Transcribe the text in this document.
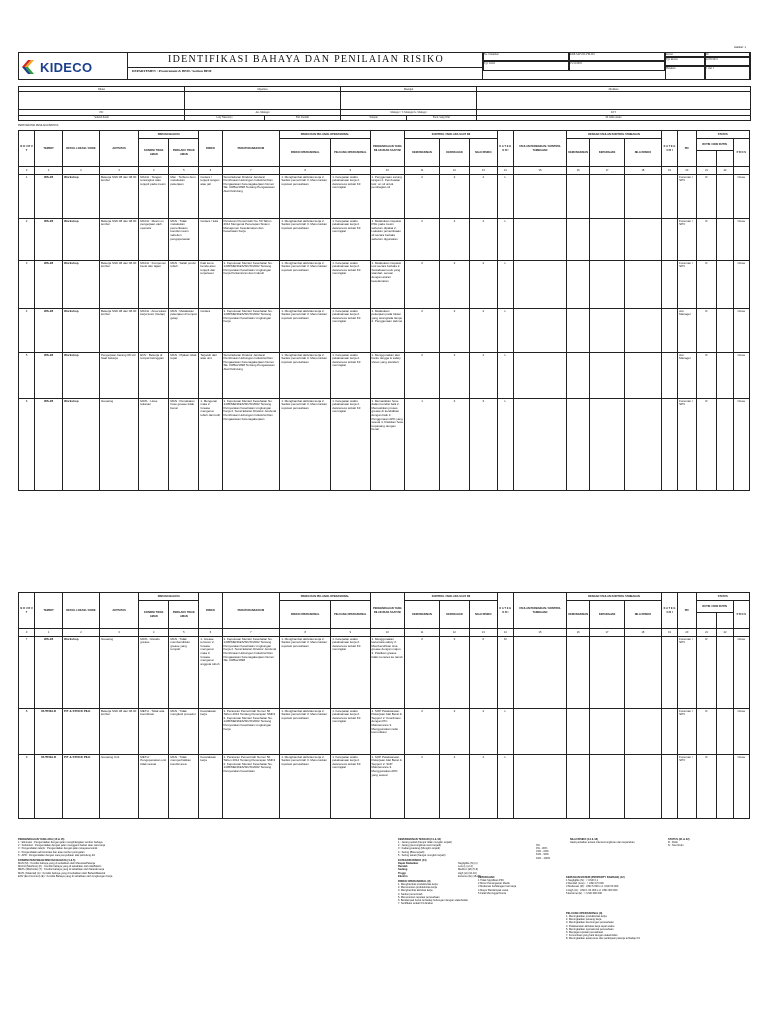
Hal/dari: 1
KIDECO
IDENTIFIKASI BAHAYA DAN PENILAIAN RISIKO
DEPARTEMEN : Procurement & BEM / Section BEM
No. Dokumen	KDP-SAF-001-FM-001
Tgl. Terbit	15/12/2016
Revisi	00
Tgl. Revisi	22/05/2021
Halaman	1 dari 1
Dibuat	Diperiksa		Disetujui		Disahkan

PIC	Ast. Manager		Manager / T. Manager/G. Manager		KTT
Seluruh Karm	Loly Nuswalyo	Feri Irwandi	Tarupan	Fuck. Sang Wari	M. Iskhr Araka
PERSYARATAN PENILAIAN BAHAYA
N O U R U T	TEMPAT	DETAIL LOKASI / KODE	AKTIVITAS	RINCIAN BAHAYA		RISIKO	PERATURAN/HUKUM	RISIKO DAN PELUANG OPERASIONAL		PENGENDALIAN YANG DILAKUKAN SAAT INI	KONTROL YANG ADA SAAT INI			K A T E G O R I	USULAN PERBAIKAN / KONTROL TAMBAHAN	DENGAN USULAN KONTROL TAMBAHAN			K A T E G O R I	PIC	STATUS		
				KONDISI TIDAK AMAN	PERILAKU TIDAK AMAN			RISIKO OPERASIONAL	PELUANG OPERASIONAL		KEMUNGKINAN	KEPARAHAN	NILAI RISIKO			KEMUNGKINAN	KEPARAHAN	NILAI RISIKO			RUTIN / NON RUTIN		P R O S

0	1	2	3	4	5	6	7	8	9	10	11	12	13	14	15	16	17	18	19	20	21	22	
1	WS-28	Workshop	Bekerja Shift 08 dan 08.00 lembur	MACH : Tangan tersangkut atau terjepit pada mesin	Man : Terburu-buru melakukan pekerjaan	Cedera / terjepit tangan atau jari	Surat Edaran Direktur Jenderal Pembinaan Hubungan Industrial Dan Pengawasan Ketenagakerjaan Nomor SE. 03/Bw/1998 Tentang Pengawasan Alat Pelindung	1. Menghambat aktivitas kerja 2. Sanksi pemerintah 3. Menurunkan reputasi perusahaan	1. Ketepatan waktu pelaksanaan kerja 2. Awareness terkait K3 meningkat	1. Penggunaan sarung tangan 2. Pembuatan kotr. on sil untuk pembagian sil	2	2	4	L						Foreman / SPV	R		Close
2	WS-28	Workshop	Bekerja Shift 08 dan 08.00 lembur	MACH : Mesin on pengerjaan oleh operator	MAN : Tidak melakukan pemeriksaan kondisi mesin sebelum pengoperasian	Cedera / luka	Peraturan Pemerintah No. 50 Tahun 2012 Mengenai Penerapan Sistem Manajemen Keselamatan dan Kesehatan Kerja	1. Menghambat aktivitas kerja 2. Sanksi pemerintah 3. Menurunkan reputasi perusahaan	1. Ketepatan waktu pelaksanaan kerja 2. Awareness terkait K3 meningkat	1. Melakukan inspeksi P2H pada mesin sebelum dipakai 2. Lakukan pemeriksaan sil secara berkala sebelum digunakan	2	2	4	L						Foreman / SPV	R		Close
3	WS-28	Workshop	Bekerja Shift 08 dan 08.00 lembur	MACH : Komponen berat dan tajam	MAN : Salah posisi tubuh	Kaki kena benda atau terjepit dan terpeleset	1. Keputusan Menteri Kesehatan No. 1405/MENKES/SK/XI/2002 Tentang Persyaratan Kesehatan Lingkungan Kerja Perkantoran dan Industri	1. Menghambat aktivitas kerja 2. Sanksi pemerintah 3. Menurunkan reputasi perusahaan	1. Ketepatan waktu pelaksanaan kerja 2. Awareness terkait K3 meningkat	1. Melakukan inspeksi tool secara berkala 2. Sosialisasi tools yang standart, sesuai dengan aturan keselamatan	2	2	4	L						Foreman / SPV	R		Close
4	WS-28	Workshop	Bekerja Shift 08 dan 08.00 lembur	MACH : Area lokasi kerja kotor (Gelap)	MAN : Melakukan pekerjaan di tempat gelap	Cedera	1. Keputusan Menteri Kesehatan No. 1405/MENKES/SK/XI/2002 Tentang Persyaratan Kesehatan Lingkungan Kerja	1. Menghambat aktivitas kerja 2. Sanksi pemerintah 3. Menurunkan reputasi perusahaan	1. Ketepatan waktu pelaksanaan kerja 2. Awareness terkait K3 meningkat	1. Melakukan pekerjaan pada lokasi yang terang/ada lampu 2. Penggunaan Helmet	2	2	4	L						Ast. Manager	R		Close
5	WS-28	Workshop	Pengerjaan barang 08 s/d Saat bekerja	ENV : Bekerja di tempat ketinggian	MAN : Pijakan tidak tepat	Terjatuh dari atas unit	Surat Edaran Direktur Jenderal Pembinaan Hubungan Industrial Dan Pengawasan Ketenagakerjaan Nomor SE. 03/Bw/1998 Tentang Pengawasan Alat Pelindung	1. Menghambat aktivitas kerja 2. Sanksi pemerintah 3. Menurunkan reputasi perusahaan	1. Ketepatan waktu pelaksanaan kerja 2. Awareness terkait K3 meningkat	1. Menggunakan alat bantu tangga & safety shoes yang standart	2	2	4	L						Ast. Manager	R		Close
6	WS-28	Workshop	Greasing	MATL : Hose tekanan	MAN : Pemakaian hose grease tidak benar	1. Mengenai mata 2. Grease mengenai tubuh dan kulit	1. Keputusan Menteri Kesehatan No. 1405/MENKES/SK/XI/2002 Tentang Persyaratan Kesehatan Lingkungan Kerja 2. Surat Edaran Direktur Jenderal Pembinaan Hubungan Industrial Dan Pengawasan Ketenagakerjaan	1. Menghambat aktivitas kerja 2. Sanksi pemerintah 3. Menurunkan reputasi perusahaan	1. Ketepatan waktu pelaksanaan kerja 2. Awareness terkait K3 meningkat	1. Memastikan hose dalam kondisi baik 2. Memastikan proses grease di kendalikan dengan baik 3. Penggunaan APD yang sesuai 4. Pastikan hose terpasang dengan benar	1	3	3	L						Foreman / SPV	R		Close
N O U R U T	TEMPAT	DETAIL LOKASI / KODE	AKTIVITAS	RINCIAN BAHAYA		RISIKO	PERATURAN/HUKUM	RISIKO DAN PELUANG OPERASIONAL		PENGENDALIAN YANG DILAKUKAN SAAT INI	KONTROL YANG ADA SAAT INI			K A T E G O R I	USULAN PERBAIKAN / KONTROL TAMBAHAN	DENGAN USULAN KONTROL TAMBAHAN			K A T E G O R I	PIC	STATUS		
				KONDISI TIDAK AMAN	PERILAKU TIDAK AMAN			RISIKO OPERASIONAL	PELUANG OPERASIONAL		KEMUNGKINAN	KEPARAHAN	NILAI RISIKO			KEMUNGKINAN	KEPARAHAN	NILAI RISIKO			RUTIN / NON RUTIN		P R O S

0	1	2	3	4	5	6	7	8	9	10	11	12	13	14	15	16	17	18	19	20	21	22	
7	WS-28	Workshop	Greasing	MATL : Residu grease	MAN : Tidak membersihkan grease yang tumpah	1. Grease tercecer 2. Grease mengenai mata 3. Grease mengenai anggota tubuh	1. Keputusan Menteri Kesehatan No. 1405/MENKES/SK/XI/2002 Tentang Persyaratan Kesehatan Lingkungan Kerja 2. Surat Edaran Direktur Jenderal Pembinaan Hubungan Industrial Dan Pengawasan Ketenagakerjaan Nomor SE. 03/Bw/1998	1. Menghambat aktivitas kerja 2. Sanksi pemerintah 3. Menurunkan reputasi perusahaan	1. Ketepatan waktu pelaksanaan kerja 2. Awareness terkait K3 meningkat	1. Menggunakan kacamata safety 2. Membersihkan sisa grease dengan majun 3. Pastikan grease tidak menetes ke tanah	2	3	6	M						Foreman / SPV	R		Close
8	OUTFIELD	P/T & STOCK PILE	Bekerja Shift 08 dan 08.00 lembur	METH : Tidak ada koordinasi	MAN : Tidak mengikuti prosedur	Kecelakaan kerja	1. Peraturan Pemerintah Nomor 50 Tahun 2012 Tentang Penerapan SMK3 2. Keputusan Menteri Kesehatan No. 1405/MENKES/SK/XI/2002 Tentang Persyaratan Kesehatan Lingkungan Kerja	1. Menghambat aktivitas kerja 2. Sanksi pemerintah 3. Menurunkan reputasi perusahaan	1. Ketepatan waktu pelaksanaan kerja 2. Awareness terkait K3 meningkat	1. SOP Pelaksanaan Pekerjaan Alat Berat & Support 2. Koordinasi dengan PIC Maintenance 3. Menggunakan radio komunikasi	2	2	4	L						Foreman / SPV	R		Close
9	OUTFIELD	P/T & STOCK PILE	Greasing Unit	METH : Pengoperasian unit tidak sesuai	MAN : Tidak memperhatikan kondisi area	Kecelakaan kerja	1. Peraturan Pemerintah Nomor 50 Tahun 2012 Tentang Penerapan SMK3 2. Keputusan Menteri Kesehatan No. 1405/MENKES/SK/XI/2002 Tentang Persyaratan Kesehatan	1. Menghambat aktivitas kerja 2. Sanksi pemerintah 3. Menurunkan reputasi perusahaan	1. Ketepatan waktu pelaksanaan kerja 2. Awareness terkait K3 meningkat	1. SOP Pelaksanaan Pekerjaan Alat Berat & Support 2. SOP Maintenance 3. Menggunakan APD yang sesuai	2	2	4	L						Foreman / SPV	R		Close
PENGENDALIAN YANG ADA (10 & 15)
1 : Eliminasi : Pengendalian dengan jalan menghilangkan sumber bahaya
2 : Substitusi : Pengendalian dengan jalan mengganti bahan atau cara kerja
3 : Pengendalian teknik : Pengendalian dengan jalan rekayasa teknik
4 : Pengendalian administrasi dan atau rambu/ peringatan
5 : APD : Pengendalian dengan cara penyediaan alat pelindung diri
KONDISI PENYEBAB RINCIAN BAHAYA (4 & 5)
MAN (M) : Kondisi bahaya yang di sebabkan oleh Manusia/Pekerja
MACH (Machine) (K) : Kondisi bahaya yang di sebabkan oleh Alat/Mesin
METH (Methode) (T) : Kondisi bahaya yang di sebabkan oleh Metode kerja
MATL (Material) (A) : Kondisi bahaya yang di sebabkan oleh Bahan/Material
ENV (Environment) (E) : Kondisi Bahaya yang di sebabkan oleh Lingkungan Kerja
KEMUNGKINAN TERJADI (11 & 16)
1 : Jarang sekali (hampir tidak mungkin terjadi)
2 : Jarang (kemungkinan kecil terjadi)
3 : Kadang-kadang (Mungkin terjadi)
4 : Sering (Bisa terjadi)
5 : Sering sekali (Sangat mungkin terjadi)
KATEGORI RISIKO (14)
Dapat Diabaikan	Negligible (N) (1)
Rendah	Low (L) (2-4)
Sedang	Medium (M) (5-9)
Tinggi	High (H) (10-16)
Ekstrim	Extreme (E) (18-25)
RISIKO OPERASIONAL (8)
1. Menghambat produktivitas kerja
2. Menurunkan produktivitas kerja
3. Menghambat aktivitas kerja
4. Sanksi pemerintah
5. Menurunkan reputasi perusahaan
6. Berdampak buruk terhadap hubungan dengan stakeholder
7. Sertifikasi terkait K3 dicabut
0%
0% - 30%
31% - 60%
61% - 90%
91% - 100%
KEPARAHAN
1 Tidak Signifikan P3K
2 Minor Penanganan Medis
3 Moderate Kehilangan hari kerja
4 Mayor Berdampak cacat
5 Fatal Meninggal Dunia
NILAI RISIKO (13 & 18)
Hasil perkalian antara nilai kemungkinan dan keparahan
STATUS (21 & 22)
R : Rutin
N : Non Rutin
KERUGIAN MATERI (PROPERTY DAMAGE) (12)
1 Negligible (N) : < USD 0,1
2 Rendah (Low) : < USD 0,5 000
3 Moderate (M) : USD 5 000 s.d. USD 50 000
4 High (H) : USD 1 00 000 s.d. USD 300 000
5 Extreme (E) : > USD 300 000
PELUANG OPERASIONAL (9)
1. Meningkatkan produktivitas kerja
2. Meningkatkan peluang kerja
3. Meningkatkan keuntungan perusahaan
4. Pelaksanaan aktivitas kerja tepat waktu
5. Meningkatkan operasional perusahaan
6. Menjaga reputasi perusahaan
7. Komunikasi yang baik dengan stakeholder
8. Meningkatkan awareness dan partisipasi pekerja terhadap K3
